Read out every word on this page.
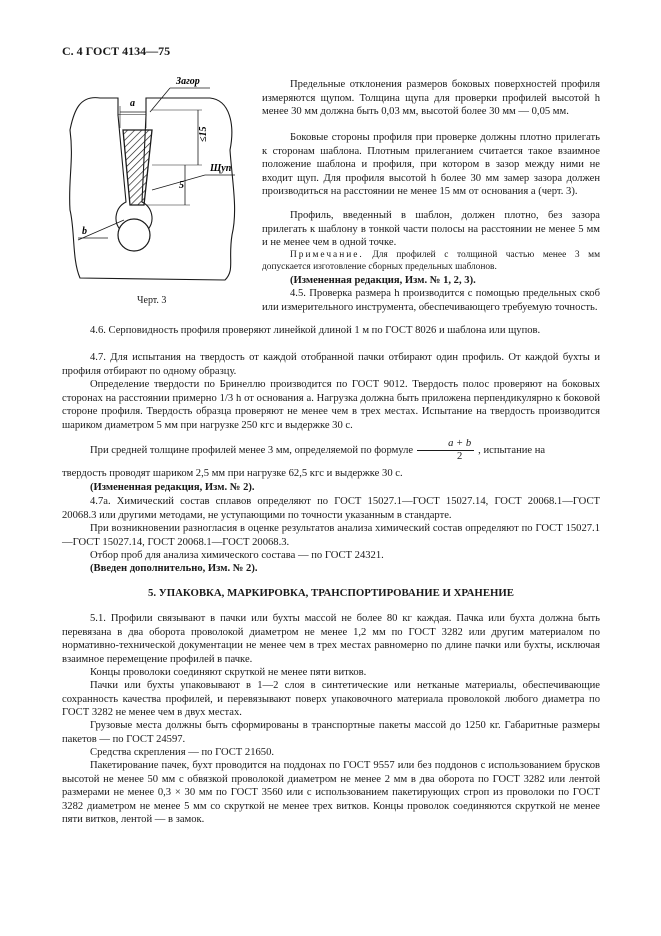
С. 4 ГОСТ 4134—75
Загор
a
≤15
5
Щуп
b
Черт. 3

Предельные отклонения размеров боковых поверхностей профиля измеряются щупом. Толщина щупа для проверки профилей высотой h менее 30 мм должна быть 0,03 мм, высотой более 30 мм — 0,05 мм.

Боковые стороны профиля при проверке должны плотно прилегать к сторонам шаблона. Плотным прилеганием считается такое взаимное положение шаблона и профиля, при котором в зазор между ними не входит щуп. Для профиля высотой h более 30 мм замер зазора должен производиться на расстоянии не менее 15 мм от основания a (черт. 3).

Профиль, введенный в шаблон, должен плотно, без зазора прилегать к шаблону в тонкой части полосы на расстоянии не менее 5 мм и не менее чем в одной точке.

Примечание. Для профилей с толщиной частью менее 3 мм допускается изготовление сборных предельных шаблонов.

(Измененная редакция, Изм. № 1, 2, 3).

4.5. Проверка размера h производится с помощью предельных скоб или измерительного инструмента, обеспечивающего требуемую точность.

4.6. Серповидность профиля проверяют линейкой длиной 1 м по ГОСТ 8026 и шаблона или щупов.

4.7. Для испытания на твердость от каждой отобранной пачки отбирают один профиль. От каждой бухты и профиля отбирают по одному образцу.

Определение твердости по Бринеллю производится по ГОСТ 9012. Твердость полос проверяют на боковых сторонах на расстоянии примерно 1/3 h от основания a. Нагрузка должна быть приложена перпендикулярно к боковой стороне профиля. Твердость образца проверяют не менее чем в трех местах. Испытание на твердость производится шариком диаметром 5 мм при нагрузке 250 кгс и выдержке 30 с.

При средней толщине профилей менее 3 мм, определяемой по формуле $\frac{a + b}{2}$ , испытание на

твердость проводят шариком 2,5 мм при нагрузке 62,5 кгс и выдержке 30 с.

(Измененная редакция, Изм. № 2).

4.7а. Химический состав сплавов определяют по ГОСТ 15027.1—ГОСТ 15027.14, ГОСТ 20068.1—ГОСТ 20068.3 или другими методами, не уступающими по точности указанным в стандарте.

При возникновении разногласия в оценке результатов анализа химический состав определяют по ГОСТ 15027.1—ГОСТ 15027.14, ГОСТ 20068.1—ГОСТ 20068.3.

Отбор проб для анализа химического состава — по ГОСТ 24321.

(Введен дополнительно, Изм. № 2).

5. УПАКОВКА, МАРКИРОВКА, ТРАНСПОРТИРОВАНИЕ И ХРАНЕНИЕ

5.1. Профили связывают в пачки или бухты массой не более 80 кг каждая. Пачка или бухта должна быть перевязана в два оборота проволокой диаметром не менее 1,2 мм по ГОСТ 3282 или другим материалом по нормативно-технической документации не менее чем в трех местах равномерно по длине пачки или бухты, исключая взаимное перемещение профилей в пачке.

Концы проволоки соединяют скруткой не менее пяти витков.

Пачки или бухты упаковывают в 1—2 слоя в синтетические или нетканые материалы, обеспечивающие сохранность качества профилей, и перевязывают поверх упаковочного материала проволокой любого диаметра по ГОСТ 3282 не менее чем в двух местах.

Грузовые места должны быть сформированы в транспортные пакеты массой до 1250 кг. Габаритные размеры пакетов — по ГОСТ 24597.

Средства скрепления — по ГОСТ 21650.

Пакетирование пачек, бухт проводится на поддонах по ГОСТ 9557 или без поддонов с использованием брусков высотой не менее 50 мм с обвязкой проволокой диаметром не менее 2 мм в два оборота по ГОСТ 3282 или лентой размерами не менее 0,3 × 30 мм по ГОСТ 3560 или с использованием пакетирующих строп из проволоки по ГОСТ 3282 диаметром не менее 5 мм со скруткой не менее трех витков. Концы проволок соединяются скруткой не менее пяти витков, лентой — в замок.
